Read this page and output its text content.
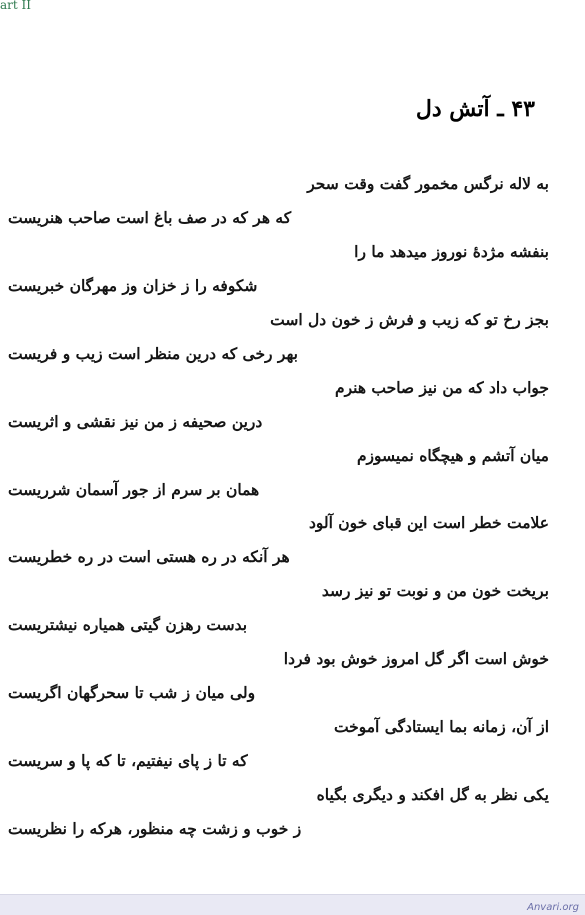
art II
۴۳ ـ آتش دل
به لاله نرگس مخمور گفت وقت سحر
که هر که در صف باغ است صاحب هنریست
بنفشه مژدهٔ نوروز میدهد ما را
شکوفه را ز خزان وز مهرگان خبریست
بجز رخ تو که زیب و فرش ز خون دل است
بهر رخی که درین منظر است زیب و فریست
جواب داد که من نیز صاحب هنرم
درین صحیفه ز من نیز نقشی و اثریست
میان آتشم و هیچگاه نمیسوزم
همان بر سرم از جور آسمان شرریست
علامت خطر است این قبای خون آلود
هر آنکه در ره هستی است در ره خطریست
بریخت خون من و نوبت تو نیز رسد
بدست رهزن گیتی همیاره نیشتریست
خوش است اگر گل امروز خوش بود فردا
ولی میان ز شب تا سحرگهان اگریست
از آن، زمانه بما ایستادگی آموخت
که تا ز پای نیفتیم، تا که پا و سریست
یکی نظر به گل افکند و دیگری بگیاه
ز خوب و زشت چه منظور، هرکه را نظریست
Anvari.org
